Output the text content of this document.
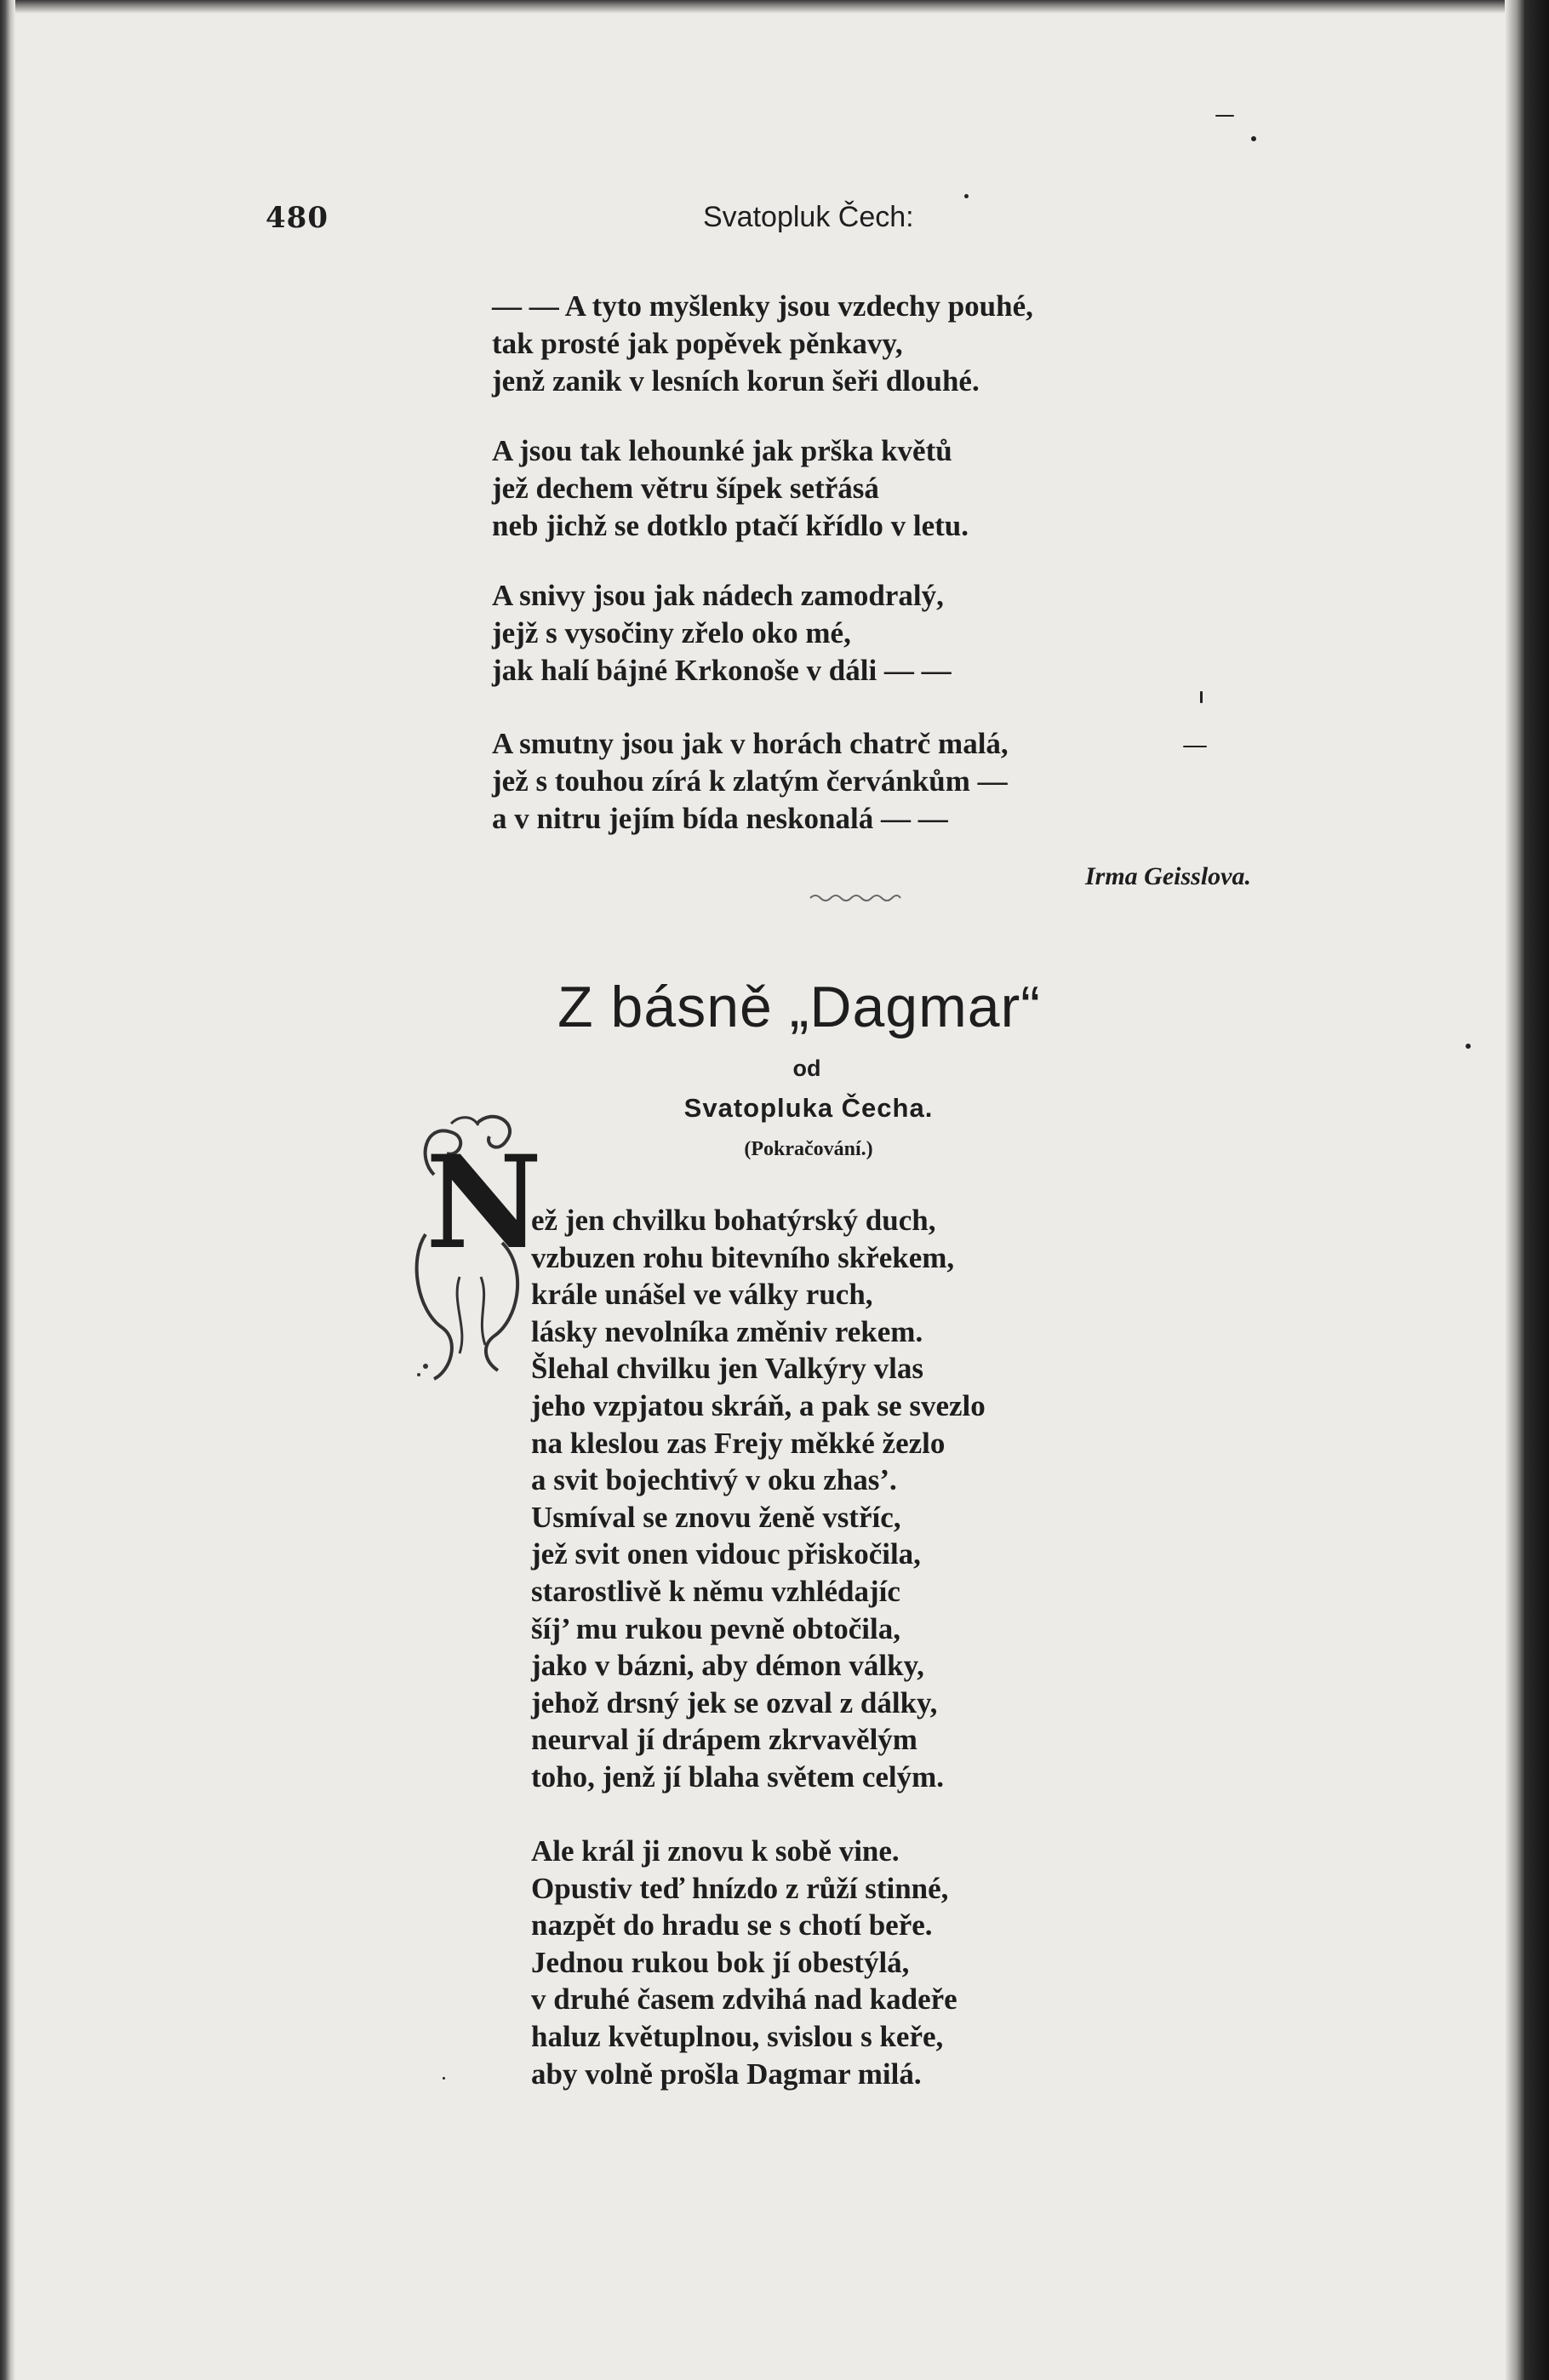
480	Svatopluk Čech:
— — A tyto myšlenky jsou vzdechy pouhé,
tak prosté jak popěvek pěnkavy,
jenž zanik v lesních korun šeři dlouhé.
A jsou tak lehounké jak prška květů
jež dechem větru šípek setřásá
neb jichž se dotklo ptačí křídlo v letu.
A snivy jsou jak nádech zamodralý,
jejž s vysočiny zřelo oko mé,
jak halí bájné Krkonoše v dáli — —
A smutny jsou jak v horách chatrč malá,
jež s touhou zírá k zlatým červánkům —
a v nitru jejím bída neskonalá — —
Irma Geisslova.
Z básně „Dagmar“
od
Svatopluka Čecha.
(Pokračování.)
N
ež jen chvilku bohatýrský duch,
vzbuzen rohu bitevního skřekem,
krále unášel ve války ruch,
lásky nevolníka změniv rekem.
Šlehal chvilku jen Valkýry vlas
jeho vzpjatou skráň, a pak se svezlo
na kleslou zas Frejy měkké žezlo
a svit bojechtivý v oku zhas’.
Usmíval se znovu ženě vstříc,
jež svit onen vidouc přiskočila,
starostlivě k němu vzhlédajíc
šíj’ mu rukou pevně obtočila,
jako v bázni, aby démon války,
jehož drsný jek se ozval z dálky,
neurval jí drápem zkrvavělým
toho, jenž jí blaha světem celým.
Ale král ji znovu k sobě vine.
Opustiv teď hnízdo z růží stinné,
nazpět do hradu se s chotí beře.
Jednou rukou bok jí obestýlá,
v druhé časem zdvihá nad kadeře
haluz květuplnou, svislou s keře,
aby volně prošla Dagmar milá.
